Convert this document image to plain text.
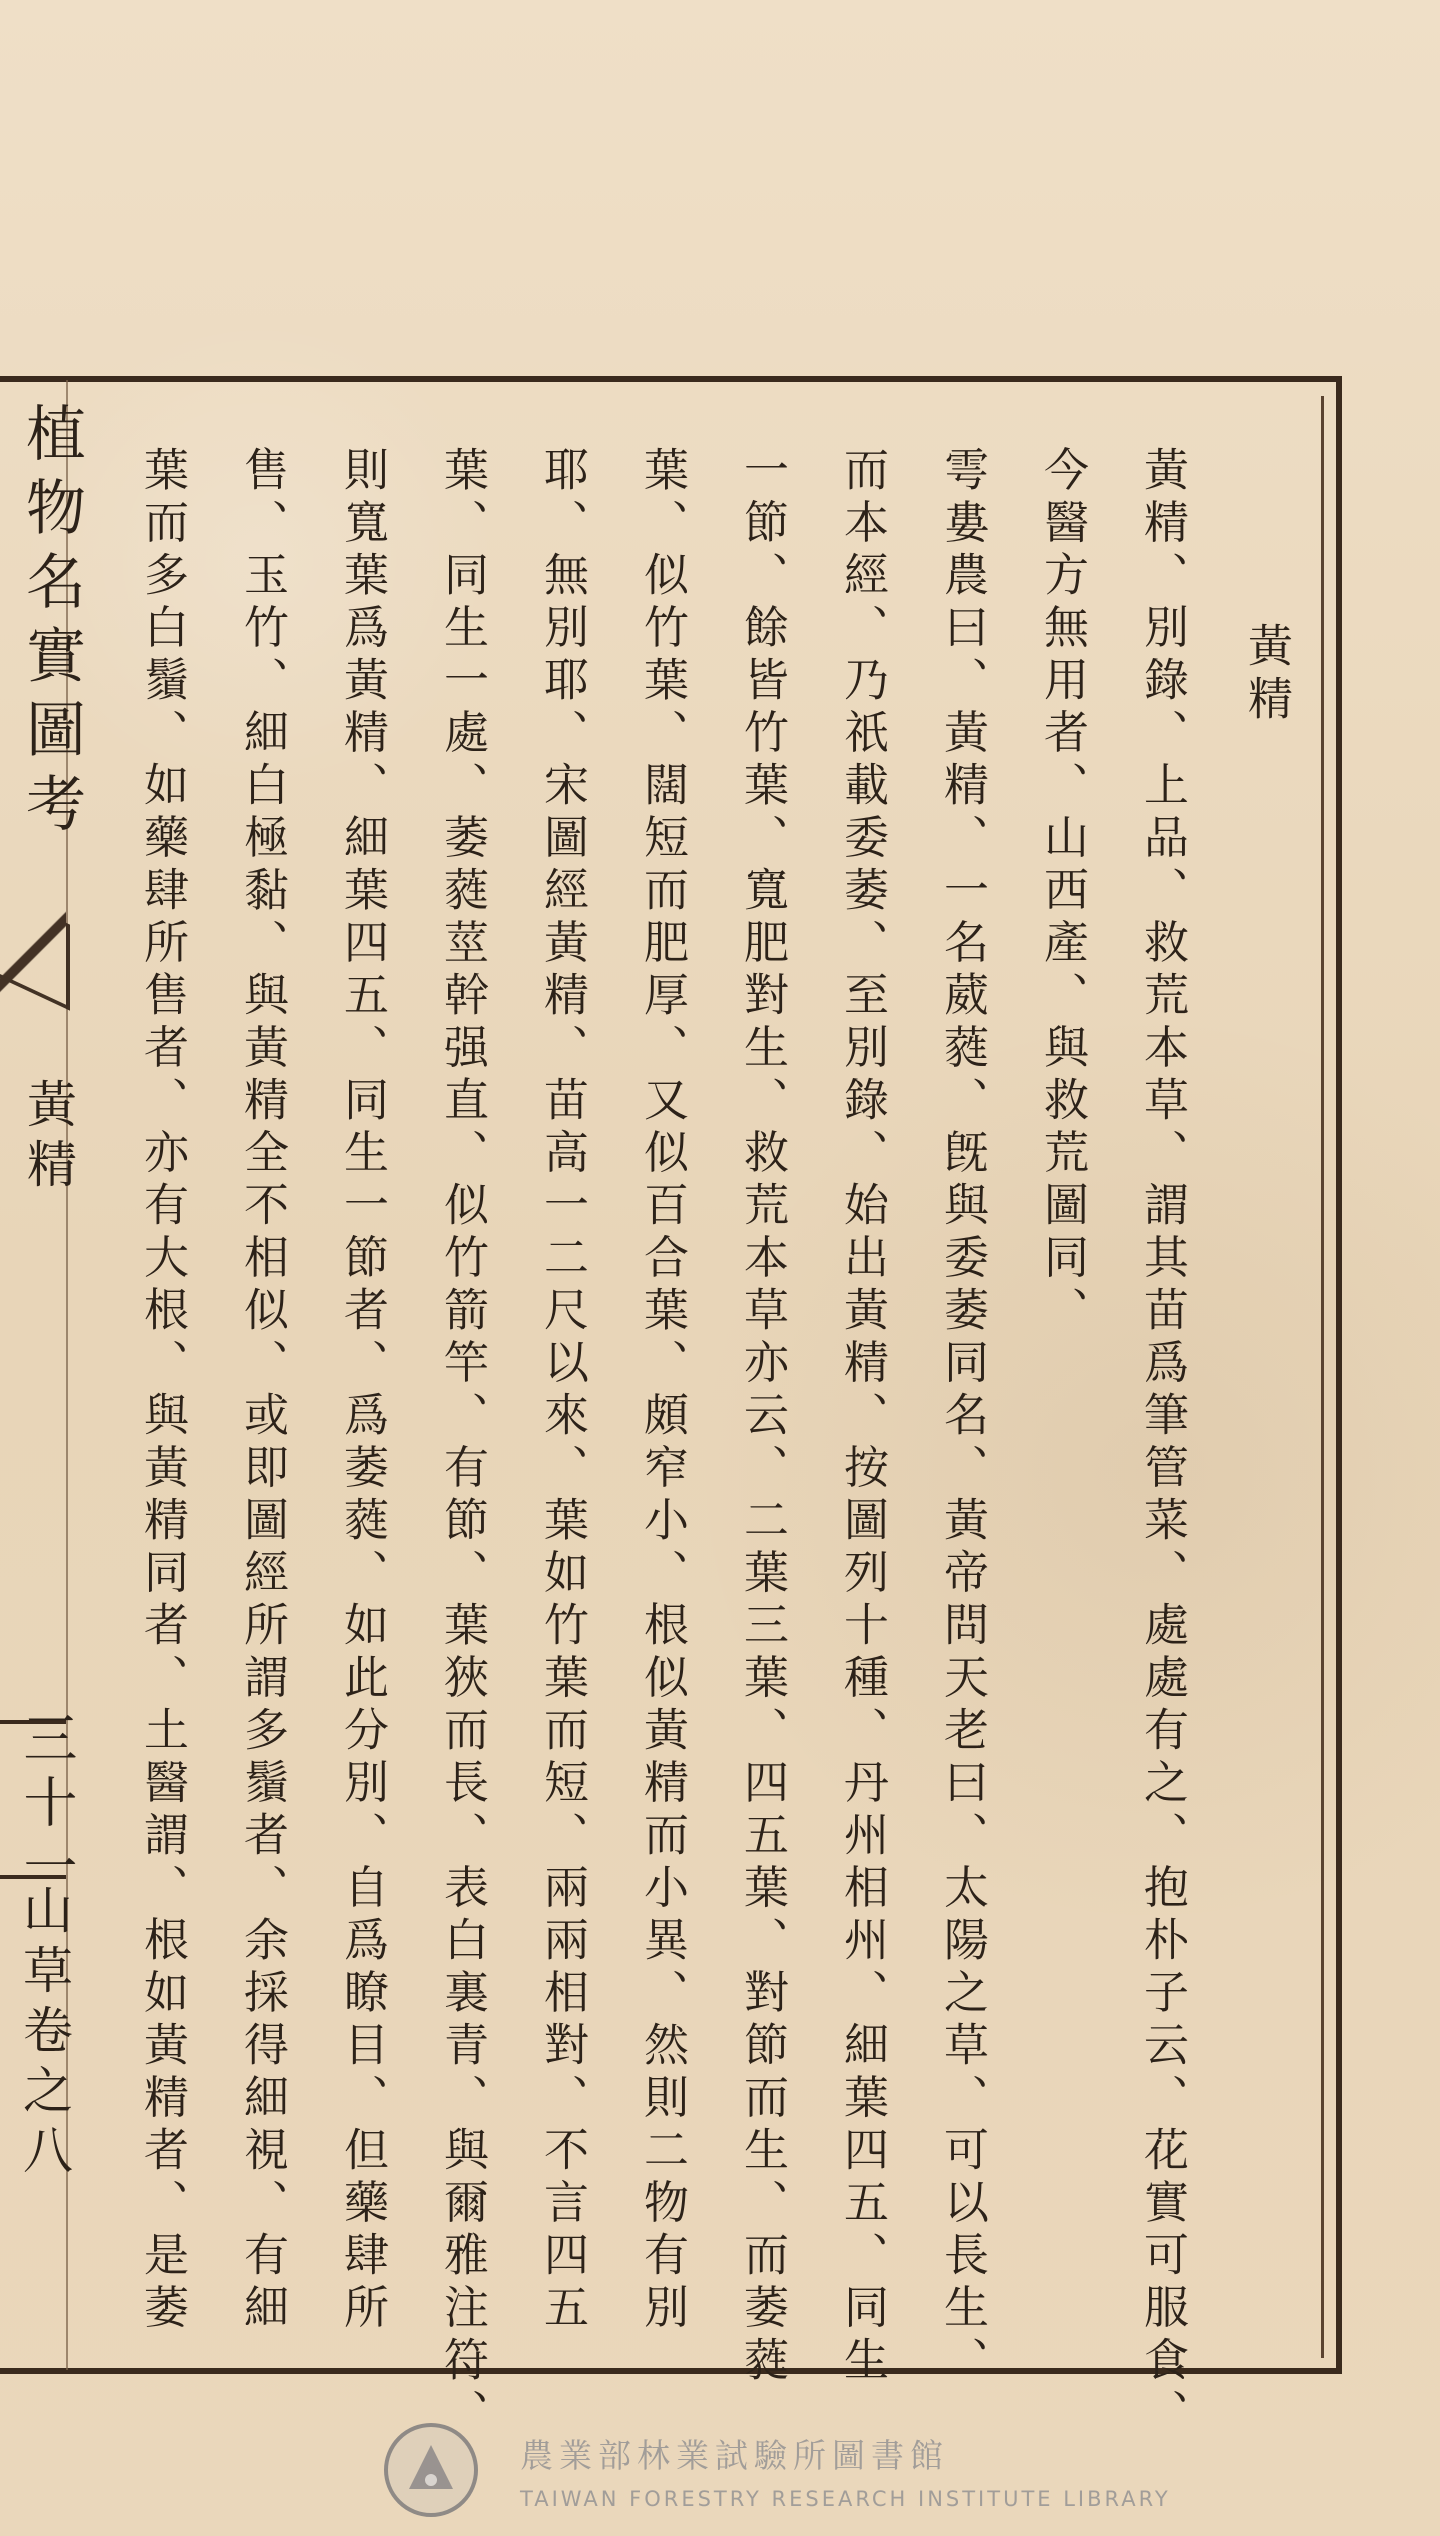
植物名實圖考
黃精
三十一
山草卷之八
黃精
黃精、別錄、上品、救荒本草、謂其苗爲筆管菜、處處有之、抱朴子云、花實可服食、
今醫方無用者、山西產、與救荒圖同、
雩婁農曰、黃精、一名葳蕤、旣與委萎同名、黃帝問天老曰、太陽之草、可以長生、
而本經、乃祇載委萎、至別錄、始出黃精、按圖列十種、丹州相州、細葉四五、同生
一節、餘皆竹葉、寬肥對生、救荒本草亦云、二葉三葉、四五葉、對節而生、而萎蕤
葉、似竹葉、闊短而肥厚、又似百合葉、頗窄小、根似黃精而小異、然則二物有別
耶、無別耶、宋圖經黃精、苗高一二尺以來、葉如竹葉而短、兩兩相對、不言四五
葉、同生一處、萎蕤莖幹强直、似竹箭竿、有節、葉狹而長、表白裏青、與爾雅注符、
則寬葉爲黃精、細葉四五、同生一節者、爲萎蕤、如此分別、自爲瞭目、但藥肆所
售、玉竹、細白極黏、與黃精全不相似、或即圖經所謂多鬚者、余採得細視、有細
葉而多白鬚、如藥肆所售者、亦有大根、與黃精同者、土醫謂、根如黃精者、是萎
農業部林業試驗所圖書館
TAIWAN FORESTRY RESEARCH INSTITUTE LIBRARY
